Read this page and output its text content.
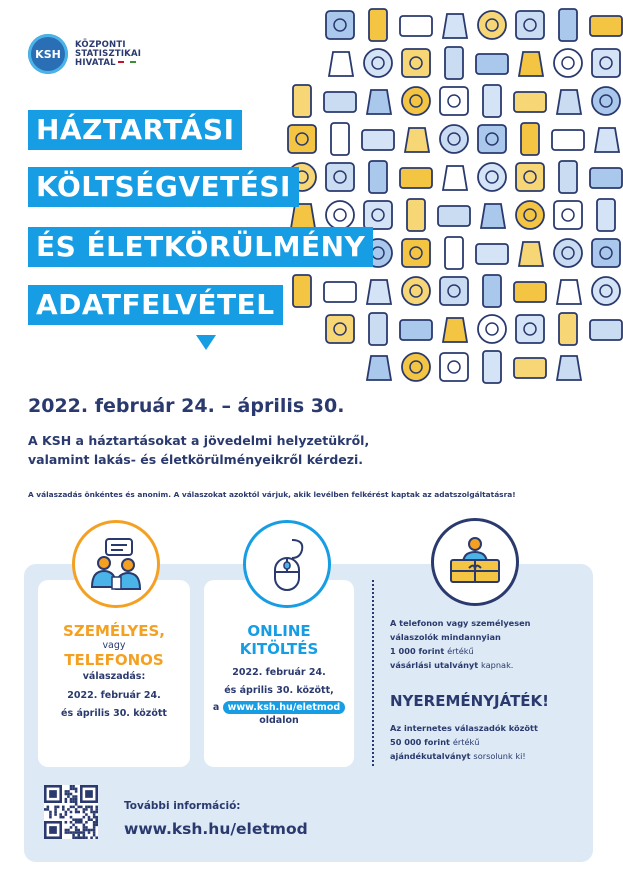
KSH
KÖZPONTI
STATISZTIKAI
HIVATAL
HÁZTARTÁSI
KÖLTSÉGVETÉSI
ÉS ÉLETKÖRÜLMÉNY
ADATFELVÉTEL
2022. február 24. – április 30.
A KSH a háztartásokat a jövedelmi helyzetükről,
valamint lakás- és életkörülményeikről kérdezi.
A válaszadás önkéntes és anonim. A válaszokat azoktól várjuk, akik levélben felkérést kaptak az adatszolgáltatásra!
SZEMÉLYES,
vagy
TELEFONOS
válaszadás:
2022. február 24.
és április 30. között
ONLINE
KITÖLTÉS
2022. február 24.
és április 30. között,
a www.ksh.hu/eletmod
oldalon
A telefonon vagy személyesen
válaszolók mindannyian
1 000 forint értékű
vásárlási utalványt kapnak.
NYEREMÉNYJÁTÉK!
Az internetes válaszadók között
50 000 forint értékű
ajándékutalványt sorsolunk ki!
További információ:
www.ksh.hu/eletmod
